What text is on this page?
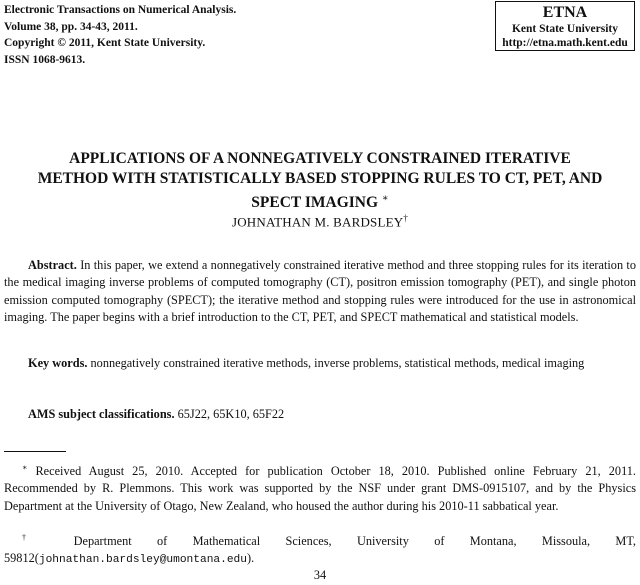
Electronic Transactions on Numerical Analysis.
Volume 38, pp. 34-43, 2011.
Copyright © 2011, Kent State University.
ISSN 1068-9613.
ETNA
Kent State University
http://etna.math.kent.edu
APPLICATIONS OF A NONNEGATIVELY CONSTRAINED ITERATIVE
METHOD WITH STATISTICALLY BASED STOPPING RULES TO CT, PET, AND
SPECT IMAGING ∗
JOHNATHAN M. BARDSLEY†
Abstract. In this paper, we extend a nonnegatively constrained iterative method and three stopping rules for its iteration to the medical imaging inverse problems of computed tomography (CT), positron emission tomography (PET), and single photon emission computed tomography (SPECT); the iterative method and stopping rules were introduced for the use in astronomical imaging. The paper begins with a brief introduction to the CT, PET, and SPECT mathematical and statistical models.
Key words. nonnegatively constrained iterative methods, inverse problems, statistical methods, medical imaging
AMS subject classifications. 65J22, 65K10, 65F22
∗ Received August 25, 2010. Accepted for publication October 18, 2010. Published online February 21, 2011. Recommended by R. Plemmons. This work was supported by the NSF under grant DMS-0915107, and by the Physics Department at the University of Otago, New Zealand, who housed the author during his 2010-11 sabbatical year.
† Department of Mathematical Sciences, University of Montana, Missoula, MT, 59812(johnathan.bardsley@umontana.edu).
34
